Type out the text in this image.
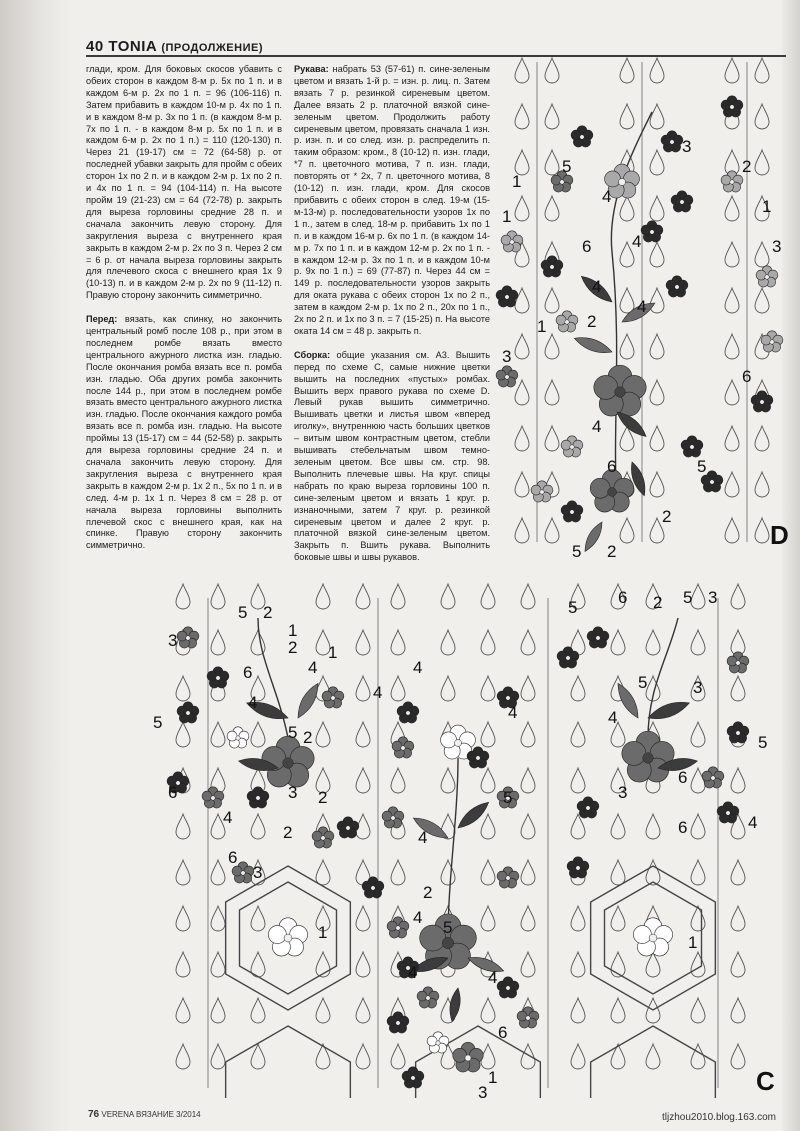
40 TONIA (ПРОДОЛЖЕНИЕ)

глади, кром. Для боковых скосов убавить с обеих сторон в каждом 8-м р. 5х по 1 п. и в каждом 6-м р. 2х по 1 п. = 96 (106-116) п. Затем прибавить в каждом 10-м р. 4х по 1 п. и в каждом 8-м р. 3х по 1 п. (в каждом 8-м р. 7х по 1 п. - в каждом 8-м р. 5х по 1 п. и в каждом 6-м р. 2х по 1 п.) = 110 (120-130) п. Через 21 (19-17) см = 72 (64-58) р. от последней убавки закрыть для пройм с обеих сторон 1х по 2 п. и в каждом 2-м р. 1х по 2 п. и 4х по 1 п. = 94 (104-114) п. На высоте пройм 19 (21-23) см = 64 (72-78) р. закрыть для выреза горловины средние 28 п. и сначала закончить левую сторону. Для закругления выреза с внутреннего края закрыть в каждом 2-м р. 2х по 3 п. Через 2 см = 6 р. от начала выреза горловины закрыть для плечевого скоса с внешнего края 1х 9 (10-13) п. и в каждом 2-м р. 2х по 9 (11-12) п. Правую сторону закончить симметрично.

Перед: вязать, как спинку, но закончить центральный ромб после 108 р., при этом в последнем ромбе вязать вместо центрального ажурного листка изн. гладью. После окончания ромба вязать все п. ромба изн. гладью. Оба других ромба закончить после 144 р., при этом в последнем ромбе вязать вместо центрального ажурного листка изн. гладью. После окончания каждого ромба вязать все п. ромба изн. гладью. На высоте проймы 13 (15-17) см = 44 (52-58) р. закрыть для выреза горловины средние 24 п. и сначала закончить левую сторону. Для закругления выреза с внутреннего края закрыть в каждом 2-м р. 1х 2 п., 5х по 1 п. и в след. 4-м р. 1х 1 п. Через 8 см = 28 р. от начала выреза горловины выполнить плечевой скос с внешнего края, как на спинке. Правую сторону закончить симметрично.

Рукава: набрать 53 (57-61) п. сине-зеленым цветом и вязать 1-й р. = изн. р. лиц. п. Затем вязать 7 р. резинкой сиреневым цветом. Далее вязать 2 р. платочной вязкой сине-зеленым цветом. Продолжить работу сиреневым цветом, провязать сначала 1 изн. р. изн. п. и со след. изн. р. распределить п. таким образом: кром., 8 (10-12) п. изн. глади, *7 п. цветочного мотива, 7 п. изн. глади, повторять от * 2х, 7 п. цветочного мотива, 8 (10-12) п. изн. глади, кром. Для скосов прибавить с обеих сторон в след. 19-м (15-м-13-м) р. последовательности узоров 1х по 1 п., затем в след. 18-м р. прибавить 1х по 1 п. и в каждом 16-м р. 6х по 1 п. (в каждом 14-м р. 7х по 1 п. и в каждом 12-м р. 2х по 1 п. - в каждом 12-м р. 3х по 1 п. и в каждом 10-м р. 9х по 1 п.) = 69 (77-87) п. Через 44 см = 149 р. последовательности узоров закрыть для оката рукава с обеих сторон 1х по 2 п., затем в каждом 2-м р. 1х по 2 п., 20х по 1 п., 2х по 2 п. и 1х по 3 п. = 7 (15-25) п. На высоте оката 14 см = 48 р. закрыть п.

Сборка: общие указания см. А3. Вышить перед по схеме С, самые нижние цветки вышить на последних «пустых» ромбах. Вышить верх правого рукава по схеме D. Левый рукав вышить симметрично. Вышивать цветки и листья швом «вперед иголку», внутреннюю часть больших цветков – витым швом контрастным цветом, стебли вышивать стебельчатым швом темно-зеленым цветом. Все швы см. стр. 98. Выполнить плечевые швы. На круг. спицы набрать по краю выреза горловины 100 п. сине-зеленым цветом и вязать 1 круг. р. изнаночными, затем 7 круг. р. резинкой сиреневым цветом и далее 2 круг. р. платочной вязкой сине-зеленым цветом. Закрыть п. Вшить рукава. Выполнить боковые швы и швы рукавов.

3
5	2
1
4
6
1
1
3
4
4
4
1 2
3
4
6
5
6
2
5 2
D
5 2
3
1
1
2
4
5
6
4
5 2
6	3 2
4
2
6
3
1
4
4
4
5
4
2
4
5
4	4
6
1
3
5
6 2 5 3
5
4
3
5
3
6
6	4
1
C
76 VERENA ВЯЗАНИЕ 3/2014	tljzhou2010.blog.163.com
